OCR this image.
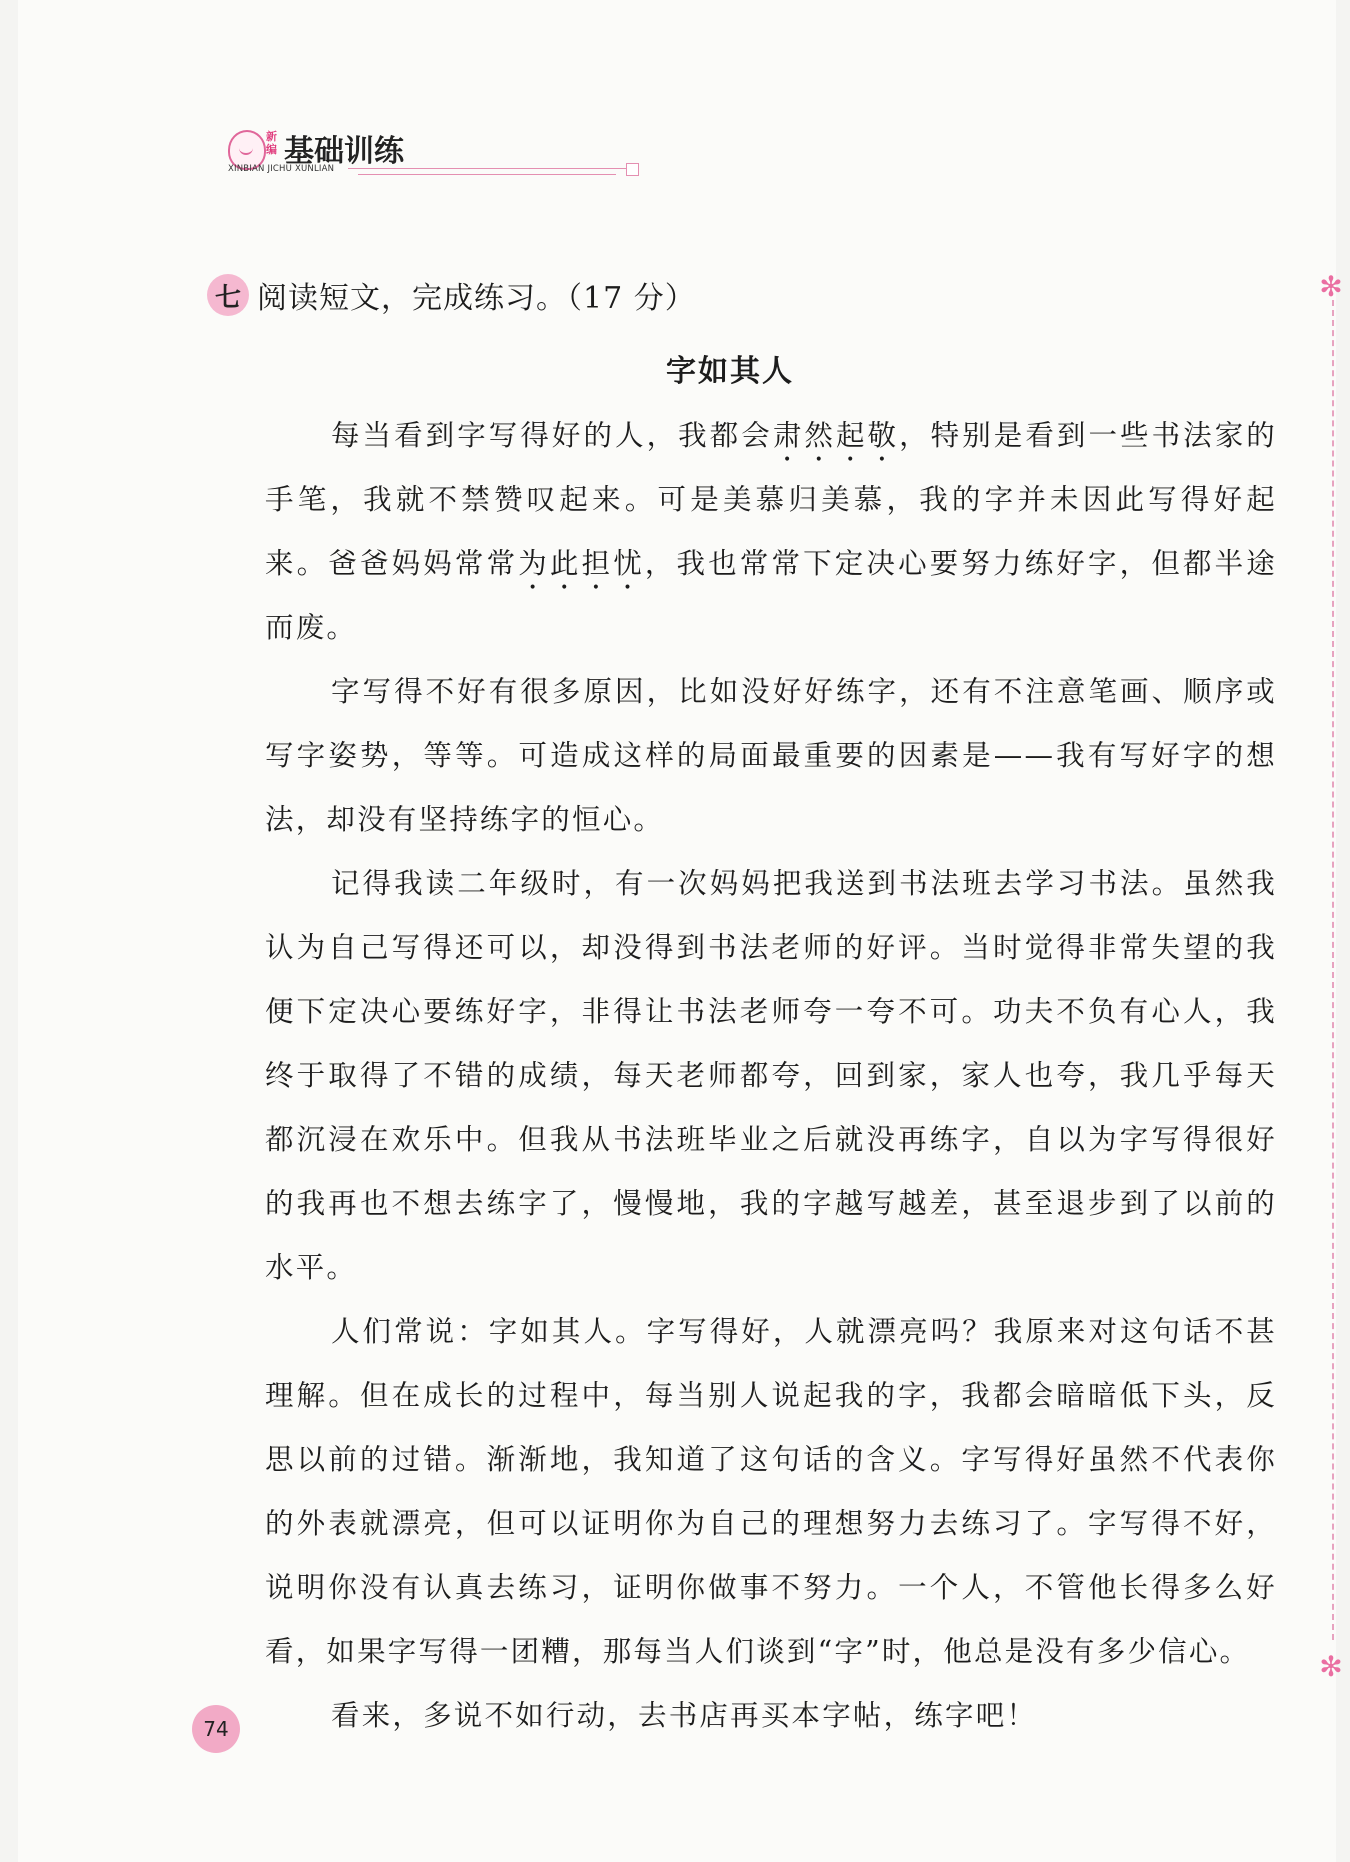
新编 基础训练
XINBIAN JICHU XUNLIAN
✻
✻
七 阅读短文，完成练习。（17 分）
字如其人

每当看到字写得好的人，我都会肃然起敬，特别是看到一些书法家的手笔，我就不禁赞叹起来。可是美慕归美慕，我的字并未因此写得好起来。爸爸妈妈常常为此担忧，我也常常下定决心要努力练好字，但都半途而废。

字写得不好有很多原因，比如没好好练字，还有不注意笔画、顺序或写字姿势，等等。可造成这样的局面最重要的因素是——我有写好字的想法，却没有坚持练字的恒心。

记得我读二年级时，有一次妈妈把我送到书法班去学习书法。虽然我认为自己写得还可以，却没得到书法老师的好评。当时觉得非常失望的我便下定决心要练好字，非得让书法老师夸一夸不可。功夫不负有心人，我终于取得了不错的成绩，每天老师都夸，回到家，家人也夸，我几乎每天都沉浸在欢乐中。但我从书法班毕业之后就没再练字，自以为字写得很好的我再也不想去练字了，慢慢地，我的字越写越差，甚至退步到了以前的水平。

人们常说：字如其人。字写得好，人就漂亮吗？我原来对这句话不甚理解。但在成长的过程中，每当别人说起我的字，我都会暗暗低下头，反思以前的过错。渐渐地，我知道了这句话的含义。字写得好虽然不代表你的外表就漂亮，但可以证明你为自己的理想努力去练习了。字写得不好，说明你没有认真去练习，证明你做事不努力。一个人，不管他长得多么好看，如果字写得一团糟，那每当人们谈到“字”时，他总是没有多少信心。

看来，多说不如行动，去书店再买本字帖，练字吧！

74
